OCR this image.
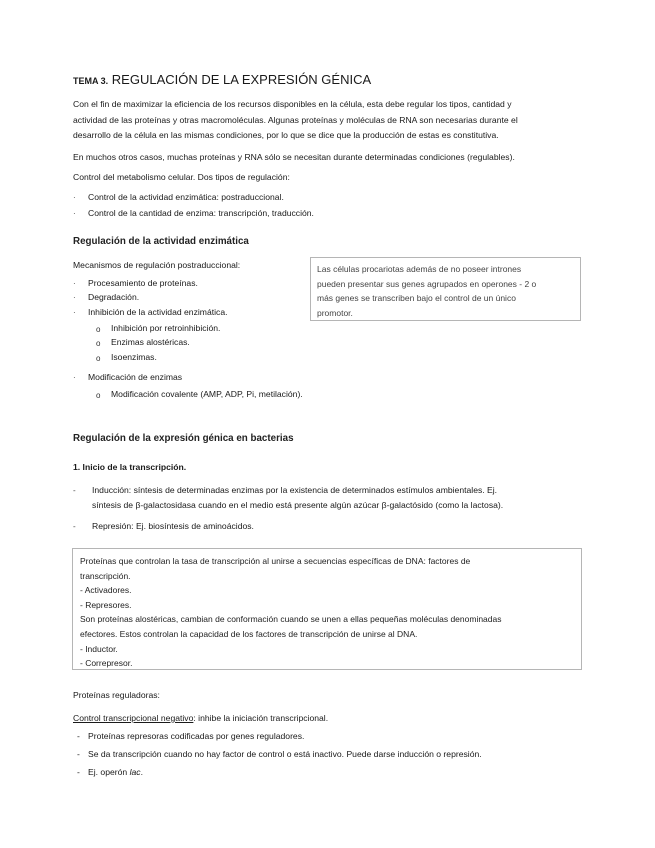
TEMA 3. REGULACIÓN DE LA EXPRESIÓN GÉNICA
Con el fin de maximizar la eficiencia de los recursos disponibles en la célula, esta debe regular los tipos, cantidad y
actividad de las proteínas y otras macromoléculas. Algunas proteínas y moléculas de RNA son necesarias durante el
desarrollo de la célula en las mismas condiciones, por lo que se dice que la producción de estas es constitutiva.
En muchos otros casos, muchas proteínas y RNA sólo se necesitan durante determinadas condiciones (regulables).
Control del metabolismo celular. Dos tipos de regulación:
· Control de la actividad enzimática: postraduccional.
· Control de la cantidad de enzima: transcripción, traducción.
Regulación de la actividad enzimática
Mecanismos de regulación postraduccional:
· Procesamiento de proteínas.
· Degradación.
· Inhibición de la actividad enzimática.
o Inhibición por retroinhibición.
o Enzimas alostéricas.
o Isoenzimas.
· Modificación de enzimas
o Modificación covalente (AMP, ADP, Pi, metilación).
Las células procariotas además de no poseer intrones
pueden presentar sus genes agrupados en operones - 2 o
más genes se transcriben bajo el control de un único
promotor.
Regulación de la expresión génica en bacterias
1. Inicio de la transcripción.
- Inducción: síntesis de determinadas enzimas por la existencia de determinados estímulos ambientales. Ej.
síntesis de β-galactosidasa cuando en el medio está presente algún azúcar β-galactósido (como la lactosa).
- Represión: Ej. biosíntesis de aminoácidos.
Proteínas que controlan la tasa de transcripción al unirse a secuencias específicas de DNA: factores de
transcripción.
- Activadores.
- Represores.
Son proteínas alostéricas, cambian de conformación cuando se unen a ellas pequeñas moléculas denominadas
efectores. Estos controlan la capacidad de los factores de transcripción de unirse al DNA.
- Inductor.
- Correpresor.
Proteínas reguladoras:
Control transcripcional negativo: inhibe la iniciación transcripcional.
- Proteínas represoras codificadas por genes reguladores.
- Se da transcripción cuando no hay factor de control o está inactivo. Puede darse inducción o represión.
- Ej. operón lac.
